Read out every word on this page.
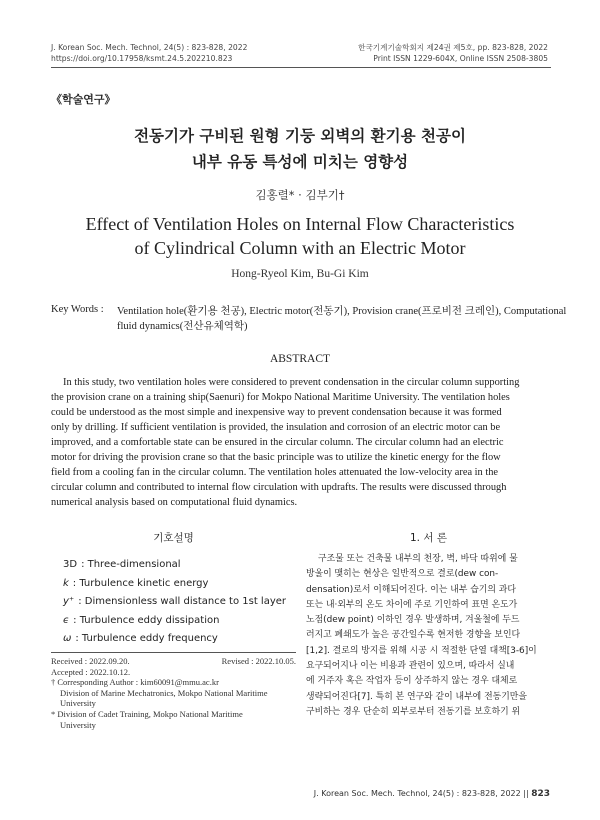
J. Korean Soc. Mech. Technol, 24(5) : 823-828, 2022
https://doi.org/10.17958/ksmt.24.5.202210.823
한국기계기술학회지 제24권 제5호, pp. 823-828, 2022
Print ISSN 1229-604X, Online ISSN 2508-3805
《학술연구》
전동기가 구비된 원형 기둥 외벽의 환기용 천공이
내부 유동 특성에 미치는 영향성
김홍렬* · 김부기†
Effect of Ventilation Holes on Internal Flow Characteristics
of Cylindrical Column with an Electric Motor
Hong-Ryeol Kim, Bu-Gi Kim
Key Words : Ventilation hole(환기용 천공), Electric motor(전동기), Provision crane(프로비전 크레인), Computational
fluid dynamics(전산유체역학)
ABSTRACT
In this study, two ventilation holes were considered to prevent condensation in the circular column supporting
the provision crane on a training ship(Saenuri) for Mokpo National Maritime University. The ventilation holes
could be understood as the most simple and inexpensive way to prevent condensation because it was formed
only by drilling. If sufficient ventilation is provided, the insulation and corrosion of an electric motor can be
improved, and a comfortable state can be ensured in the circular column. The circular column had an electric
motor for driving the provision crane so that the basic principle was to utilize the kinetic energy for the flow
field from a cooling fan in the circular column. The ventilation holes attenuated the low-velocity area in the
circular column and contributed to internal flow circulation with updrafts. The results were discussed through
numerical analysis based on computational fluid dynamics.
기호설명
3D : Three-dimensional
k : Turbulence kinetic energy
y⁺ : Dimensionless wall distance to 1st layer
ϵ : Turbulence eddy dissipation
ω : Turbulence eddy frequency
Received : 2022.09.20.	Revised : 2022.10.05.
Accepted : 2022.10.12.
† Corresponding Author : kim60091@mmu.ac.kr
Division of Marine Mechatronics, Mokpo National Maritime
University
* Division of Cadet Training, Mokpo National Maritime
University
1. 서 론
구조물 또는 건축물 내부의 천장, 벽, 바닥 따위에 물
방울이 맺히는 현상은 일반적으로 결로(dew con-
densation)로서 이해되어진다. 이는 내부 습기의 과다
또는 내·외부의 온도 차이에 주로 기인하여 표면 온도가
노점(dew point) 이하인 경우 발생하며, 겨울철에 두드
러지고 폐쇄도가 높은 공간일수록 현저한 경향을 보인다
[1,2]. 결로의 방지를 위해 시공 시 적절한 단열 대책[3-6]이
요구되어지나 이는 비용과 관련이 있으며, 따라서 실내
에 거주자 혹은 작업자 등이 상주하지 않는 경우 대체로
생략되어진다[7]. 특히 본 연구와 같이 내부에 전동기만을
구비하는 경우 단순히 외부로부터 전동기를 보호하기 위
J. Korean Soc. Mech. Technol, 24(5) : 823-828, 2022 || 823
